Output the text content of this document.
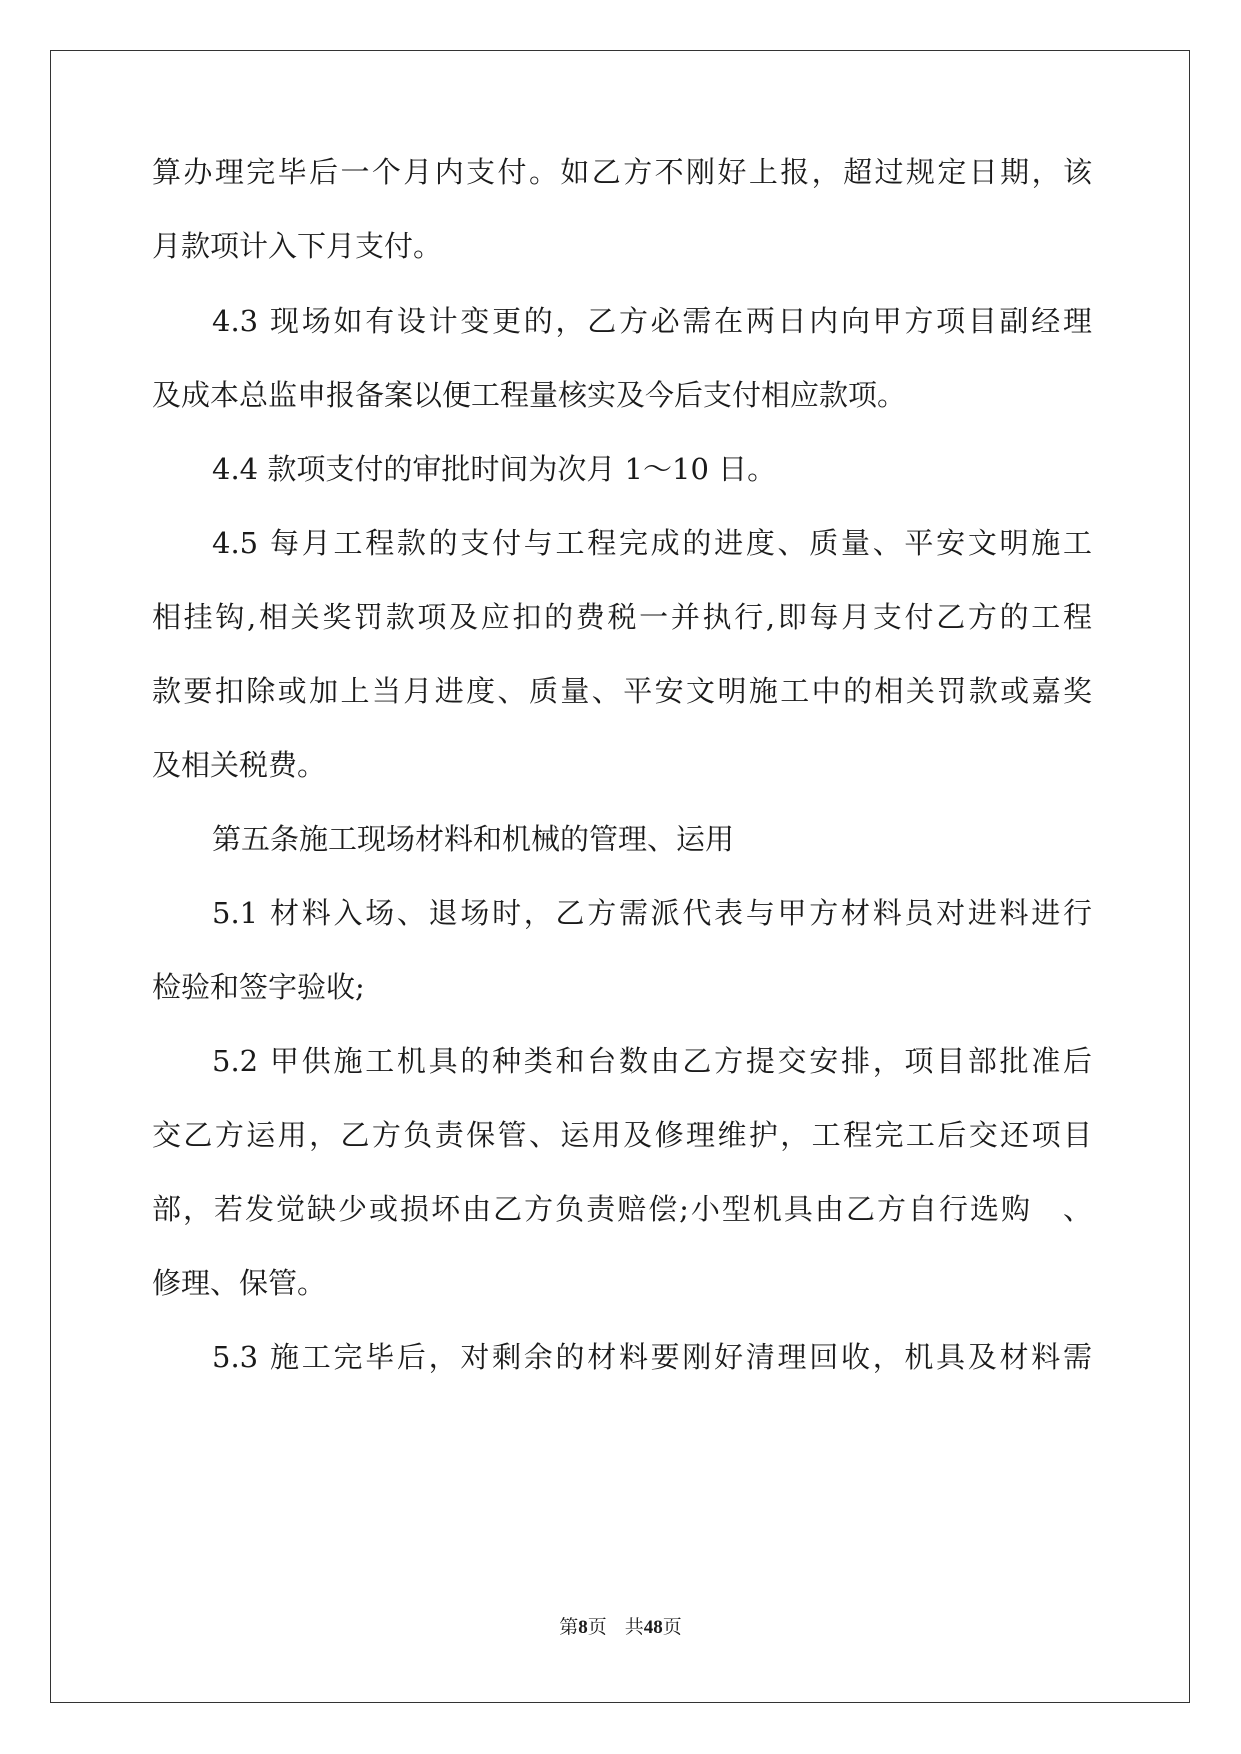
算办理完毕后一个月内支付。如乙方不刚好上报，超过规定日期，该
月款项计入下月支付。
4.3 现场如有设计变更的，乙方必需在两日内向甲方项目副经理
及成本总监申报备案以便工程量核实及今后支付相应款项。
4.4 款项支付的审批时间为次月 1～10 日。
4.5 每月工程款的支付与工程完成的进度、质量、平安文明施工
相挂钩,相关奖罚款项及应扣的费税一并执行,即每月支付乙方的工程
款要扣除或加上当月进度、质量、平安文明施工中的相关罚款或嘉奖
及相关税费。
第五条施工现场材料和机械的管理、运用
5.1 材料入场、退场时，乙方需派代表与甲方材料员对进料进行
检验和签字验收;
5.2 甲供施工机具的种类和台数由乙方提交安排，项目部批准后
交乙方运用，乙方负责保管、运用及修理维护，工程完工后交还项目
部，若发觉缺少或损坏由乙方负责赔偿;小型机具由乙方自行选购　、
修理、保管。
5.3 施工完毕后，对剩余的材料要刚好清理回收，机具及材料需
第8页 共48页
